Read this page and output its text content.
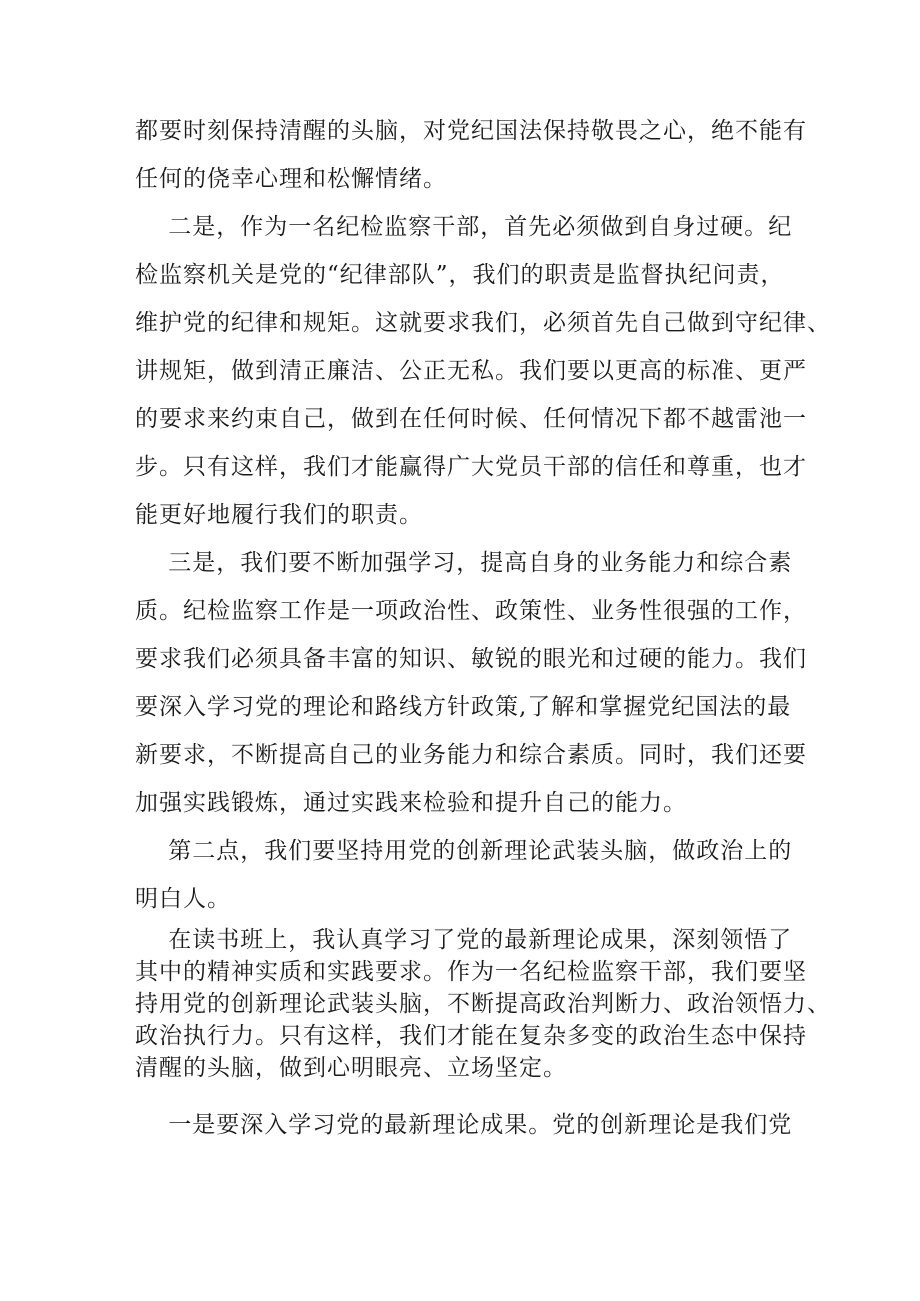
都要时刻保持清醒的头脑，对党纪国法保持敬畏之心，绝不能有
任何的侥幸心理和松懈情绪。
二是，作为一名纪检监察干部，首先必须做到自身过硬。纪
检监察机关是党的“纪律部队”，我们的职责是监督执纪问责，
维护党的纪律和规矩。这就要求我们，必须首先自己做到守纪律、
讲规矩，做到清正廉洁、公正无私。我们要以更高的标准、更严
的要求来约束自己，做到在任何时候、任何情况下都不越雷池一
步。只有这样，我们才能赢得广大党员干部的信任和尊重，也才
能更好地履行我们的职责。
三是，我们要不断加强学习，提高自身的业务能力和综合素
质。纪检监察工作是一项政治性、政策性、业务性很强的工作，
要求我们必须具备丰富的知识、敏锐的眼光和过硬的能力。我们
要深入学习党的理论和路线方针政策,了解和掌握党纪国法的最
新要求，不断提高自己的业务能力和综合素质。同时，我们还要
加强实践锻炼，通过实践来检验和提升自己的能力。
第二点，我们要坚持用党的创新理论武装头脑，做政治上的
明白人。
在读书班上，我认真学习了党的最新理论成果，深刻领悟了
其中的精神实质和实践要求。作为一名纪检监察干部，我们要坚
持用党的创新理论武装头脑，不断提高政治判断力、政治领悟力、
政治执行力。只有这样，我们才能在复杂多变的政治生态中保持
清醒的头脑，做到心明眼亮、立场坚定。
一是要深入学习党的最新理论成果。党的创新理论是我们党
